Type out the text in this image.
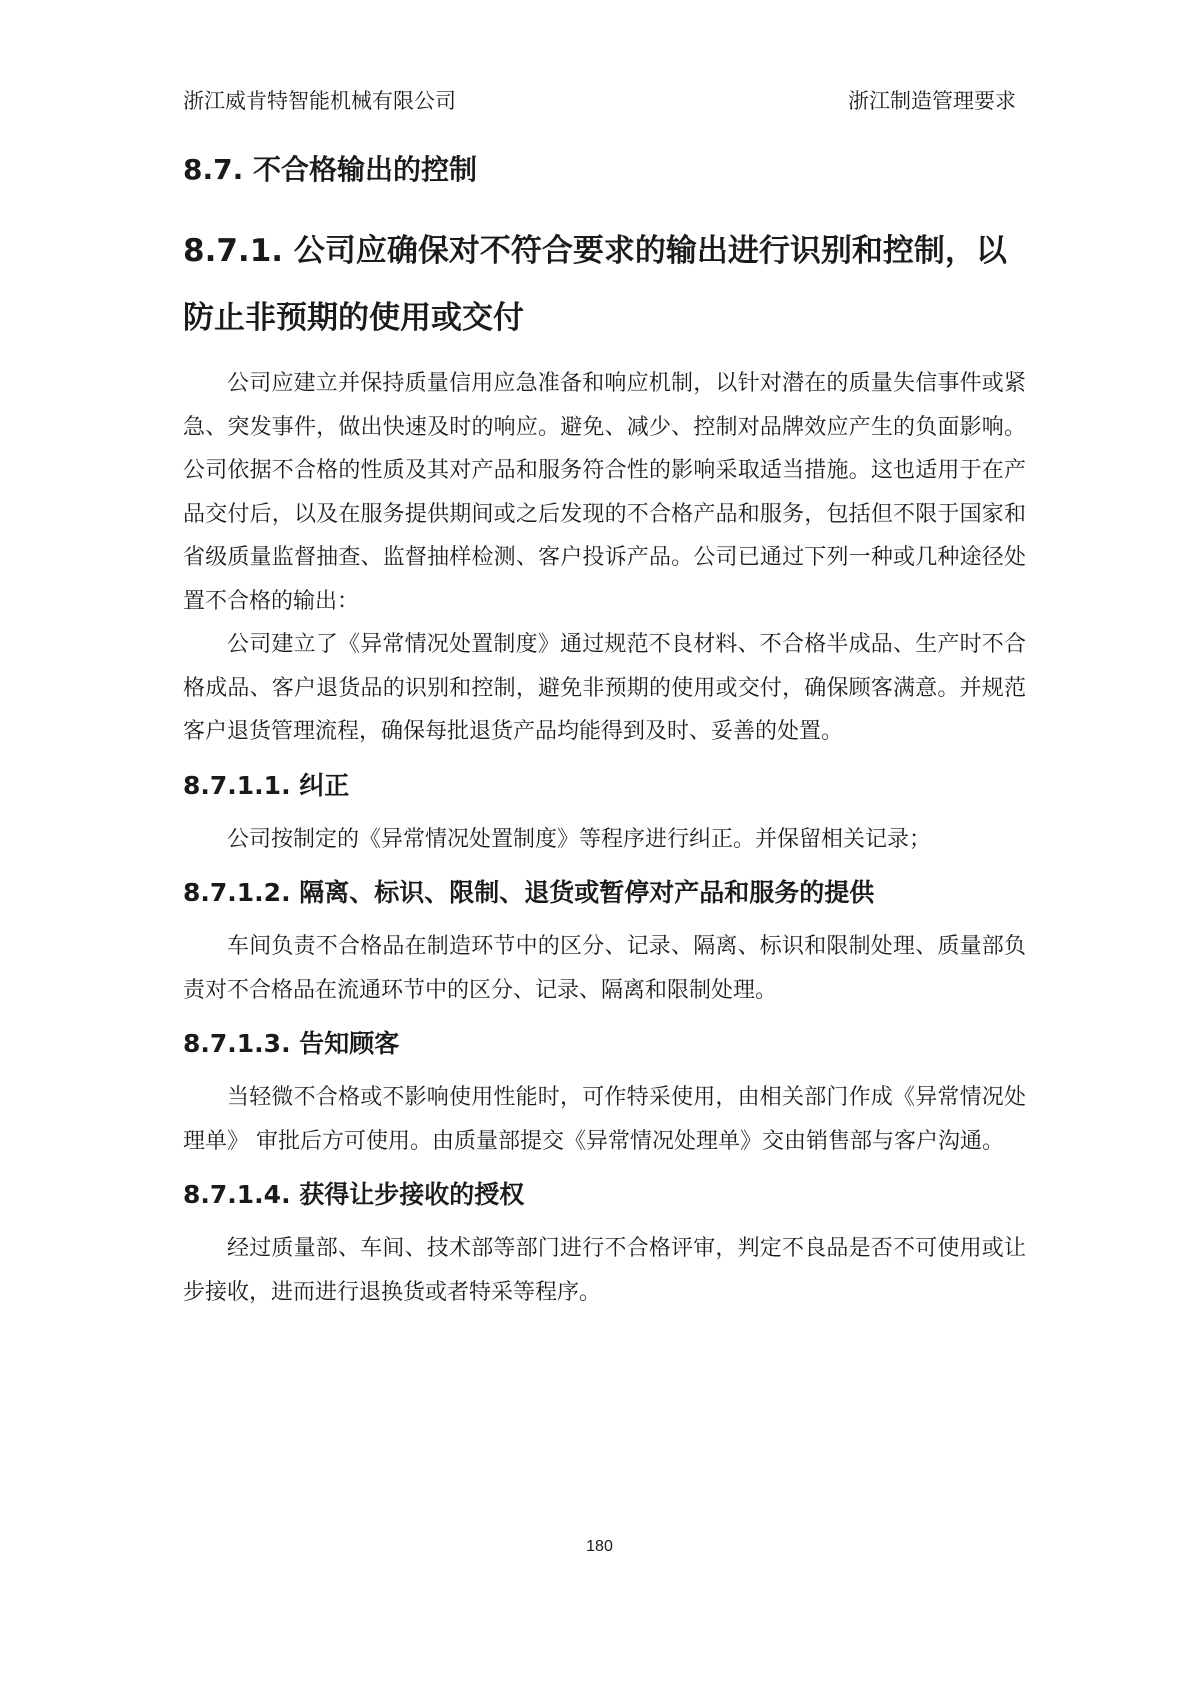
浙江威肯特智能机械有限公司	浙江制造管理要求
8.7. 不合格输出的控制
8.7.1. 公司应确保对不符合要求的输出进行识别和控制，以防止非预期的使用或交付

公司应建立并保持质量信用应急准备和响应机制，以针对潜在的质量失信事件或紧急、突发事件，做出快速及时的响应。避免、减少、控制对品牌效应产生的负面影响。公司依据不合格的性质及其对产品和服务符合性的影响采取适当措施。这也适用于在产品交付后，以及在服务提供期间或之后发现的不合格产品和服务，包括但不限于国家和省级质量监督抽查、监督抽样检测、客户投诉产品。公司已通过下列一种或几种途径处置不合格的输出：

公司建立了《异常情况处置制度》通过规范不良材料、不合格半成品、生产时不合格成品、客户退货品的识别和控制，避免非预期的使用或交付，确保顾客满意。并规范客户退货管理流程，确保每批退货产品均能得到及时、妥善的处置。

8.7.1.1. 纠正

公司按制定的《异常情况处置制度》等程序进行纠正。并保留相关记录；

8.7.1.2. 隔离、标识、限制、退货或暂停对产品和服务的提供

车间负责不合格品在制造环节中的区分、记录、隔离、标识和限制处理、质量部负责对不合格品在流通环节中的区分、记录、隔离和限制处理。

8.7.1.3. 告知顾客

当轻微不合格或不影响使用性能时，可作特采使用，由相关部门作成《异常情况处理单》 审批后方可使用。由质量部提交《异常情况处理单》交由销售部与客户沟通。

8.7.1.4. 获得让步接收的授权

经过质量部、车间、技术部等部门进行不合格评审，判定不良品是否不可使用或让步接收，进而进行退换货或者特采等程序。

180
